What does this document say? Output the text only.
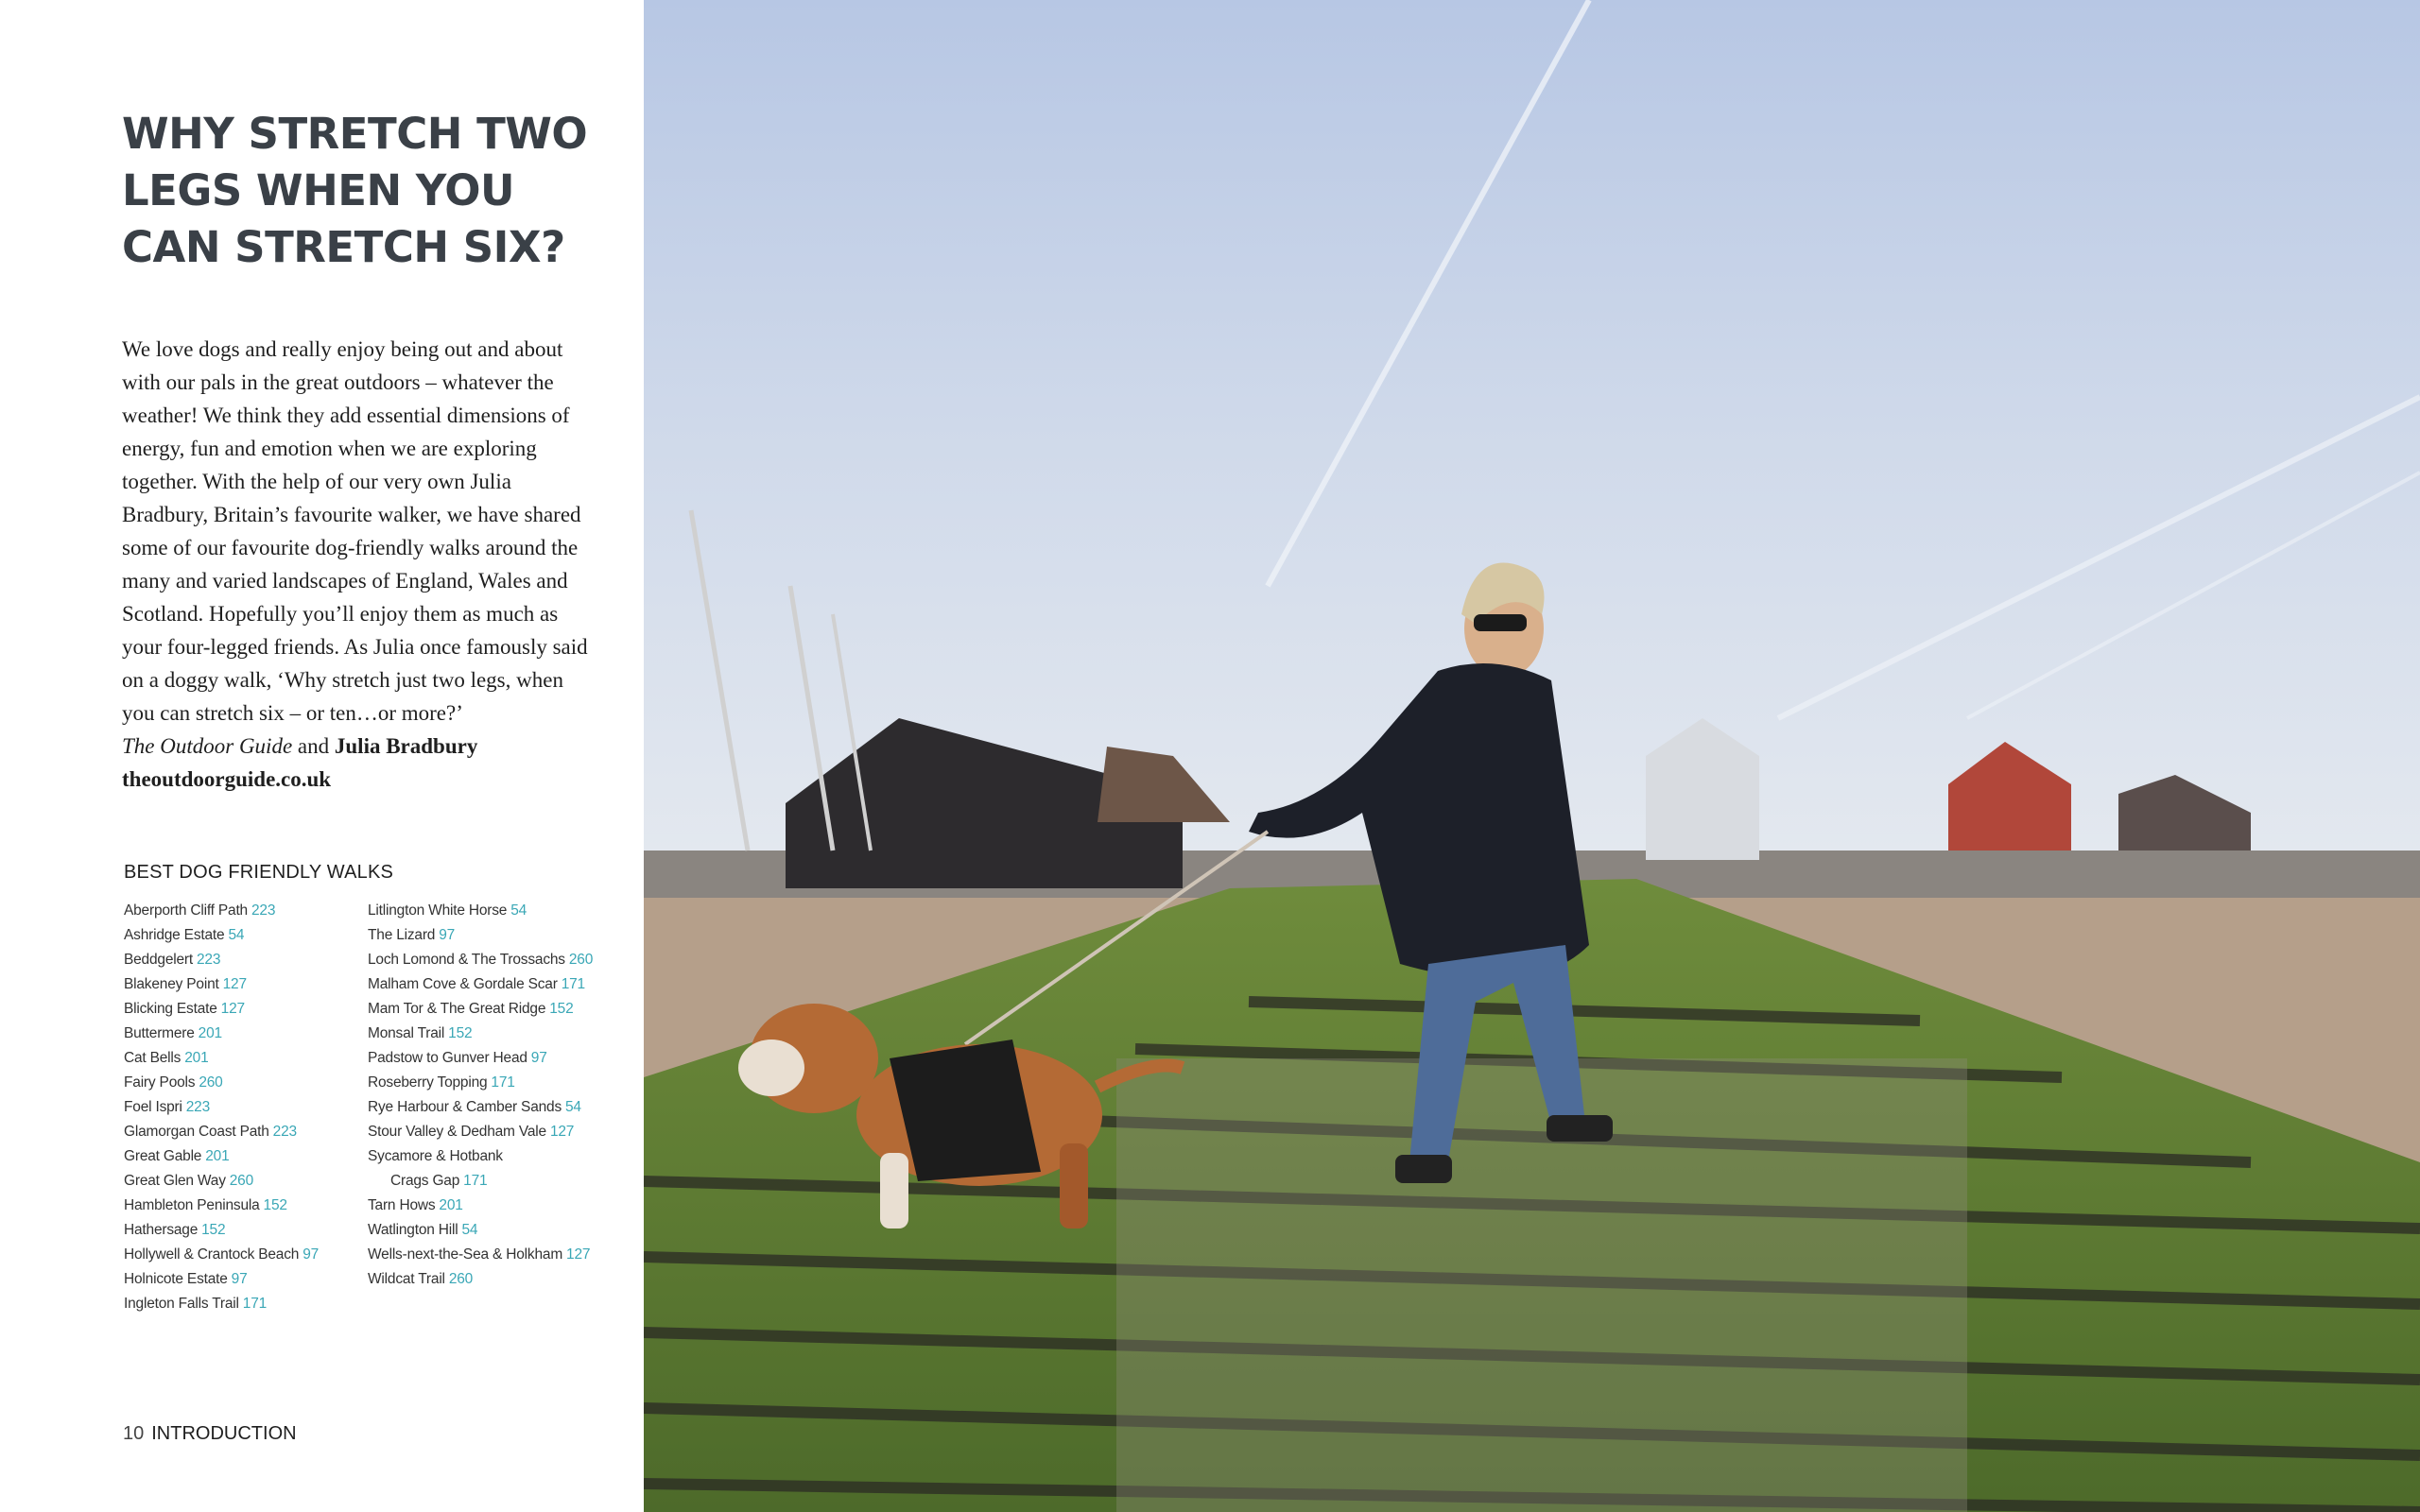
WHY STRETCH TWO
LEGS WHEN YOU
CAN STRETCH SIX?
We love dogs and really enjoy being out and about
with our pals in the great outdoors – whatever the
weather! We think they add essential dimensions of
energy, fun and emotion when we are exploring
together. With the help of our very own Julia
Bradbury, Britain’s favourite walker, we have shared
some of our favourite dog-friendly walks around the
many and varied landscapes of England, Wales and
Scotland. Hopefully you’ll enjoy them as much as
your four-legged friends. As Julia once famously said
on a doggy walk, ‘Why stretch just two legs, when
you can stretch six – or ten…or more?’
The Outdoor Guide and Julia Bradbury
theoutdoorguide.co.uk
BEST DOG FRIENDLY WALKS
Aberporth Cliff Path 223
Ashridge Estate 54
Beddgelert 223
Blakeney Point 127
Blicking Estate 127
Buttermere 201
Cat Bells 201
Fairy Pools 260
Foel Ispri 223
Glamorgan Coast Path 223
Great Gable 201
Great Glen Way 260
Hambleton Peninsula 152
Hathersage 152
Hollywell & Crantock Beach 97
Holnicote Estate 97
Ingleton Falls Trail 171
Litlington White Horse 54
The Lizard 97
Loch Lomond & The Trossachs 260
Malham Cove & Gordale Scar 171
Mam Tor & The Great Ridge 152
Monsal Trail 152
Padstow to Gunver Head 97
Roseberry Topping 171
Rye Harbour & Camber Sands 54
Stour Valley & Dedham Vale 127
Sycamore & Hotbank
Crags Gap 171
Tarn Hows 201
Watlington Hill 54
Wells-next-the-Sea & Holkham 127
Wildcat Trail 260
10 INTRODUCTION
